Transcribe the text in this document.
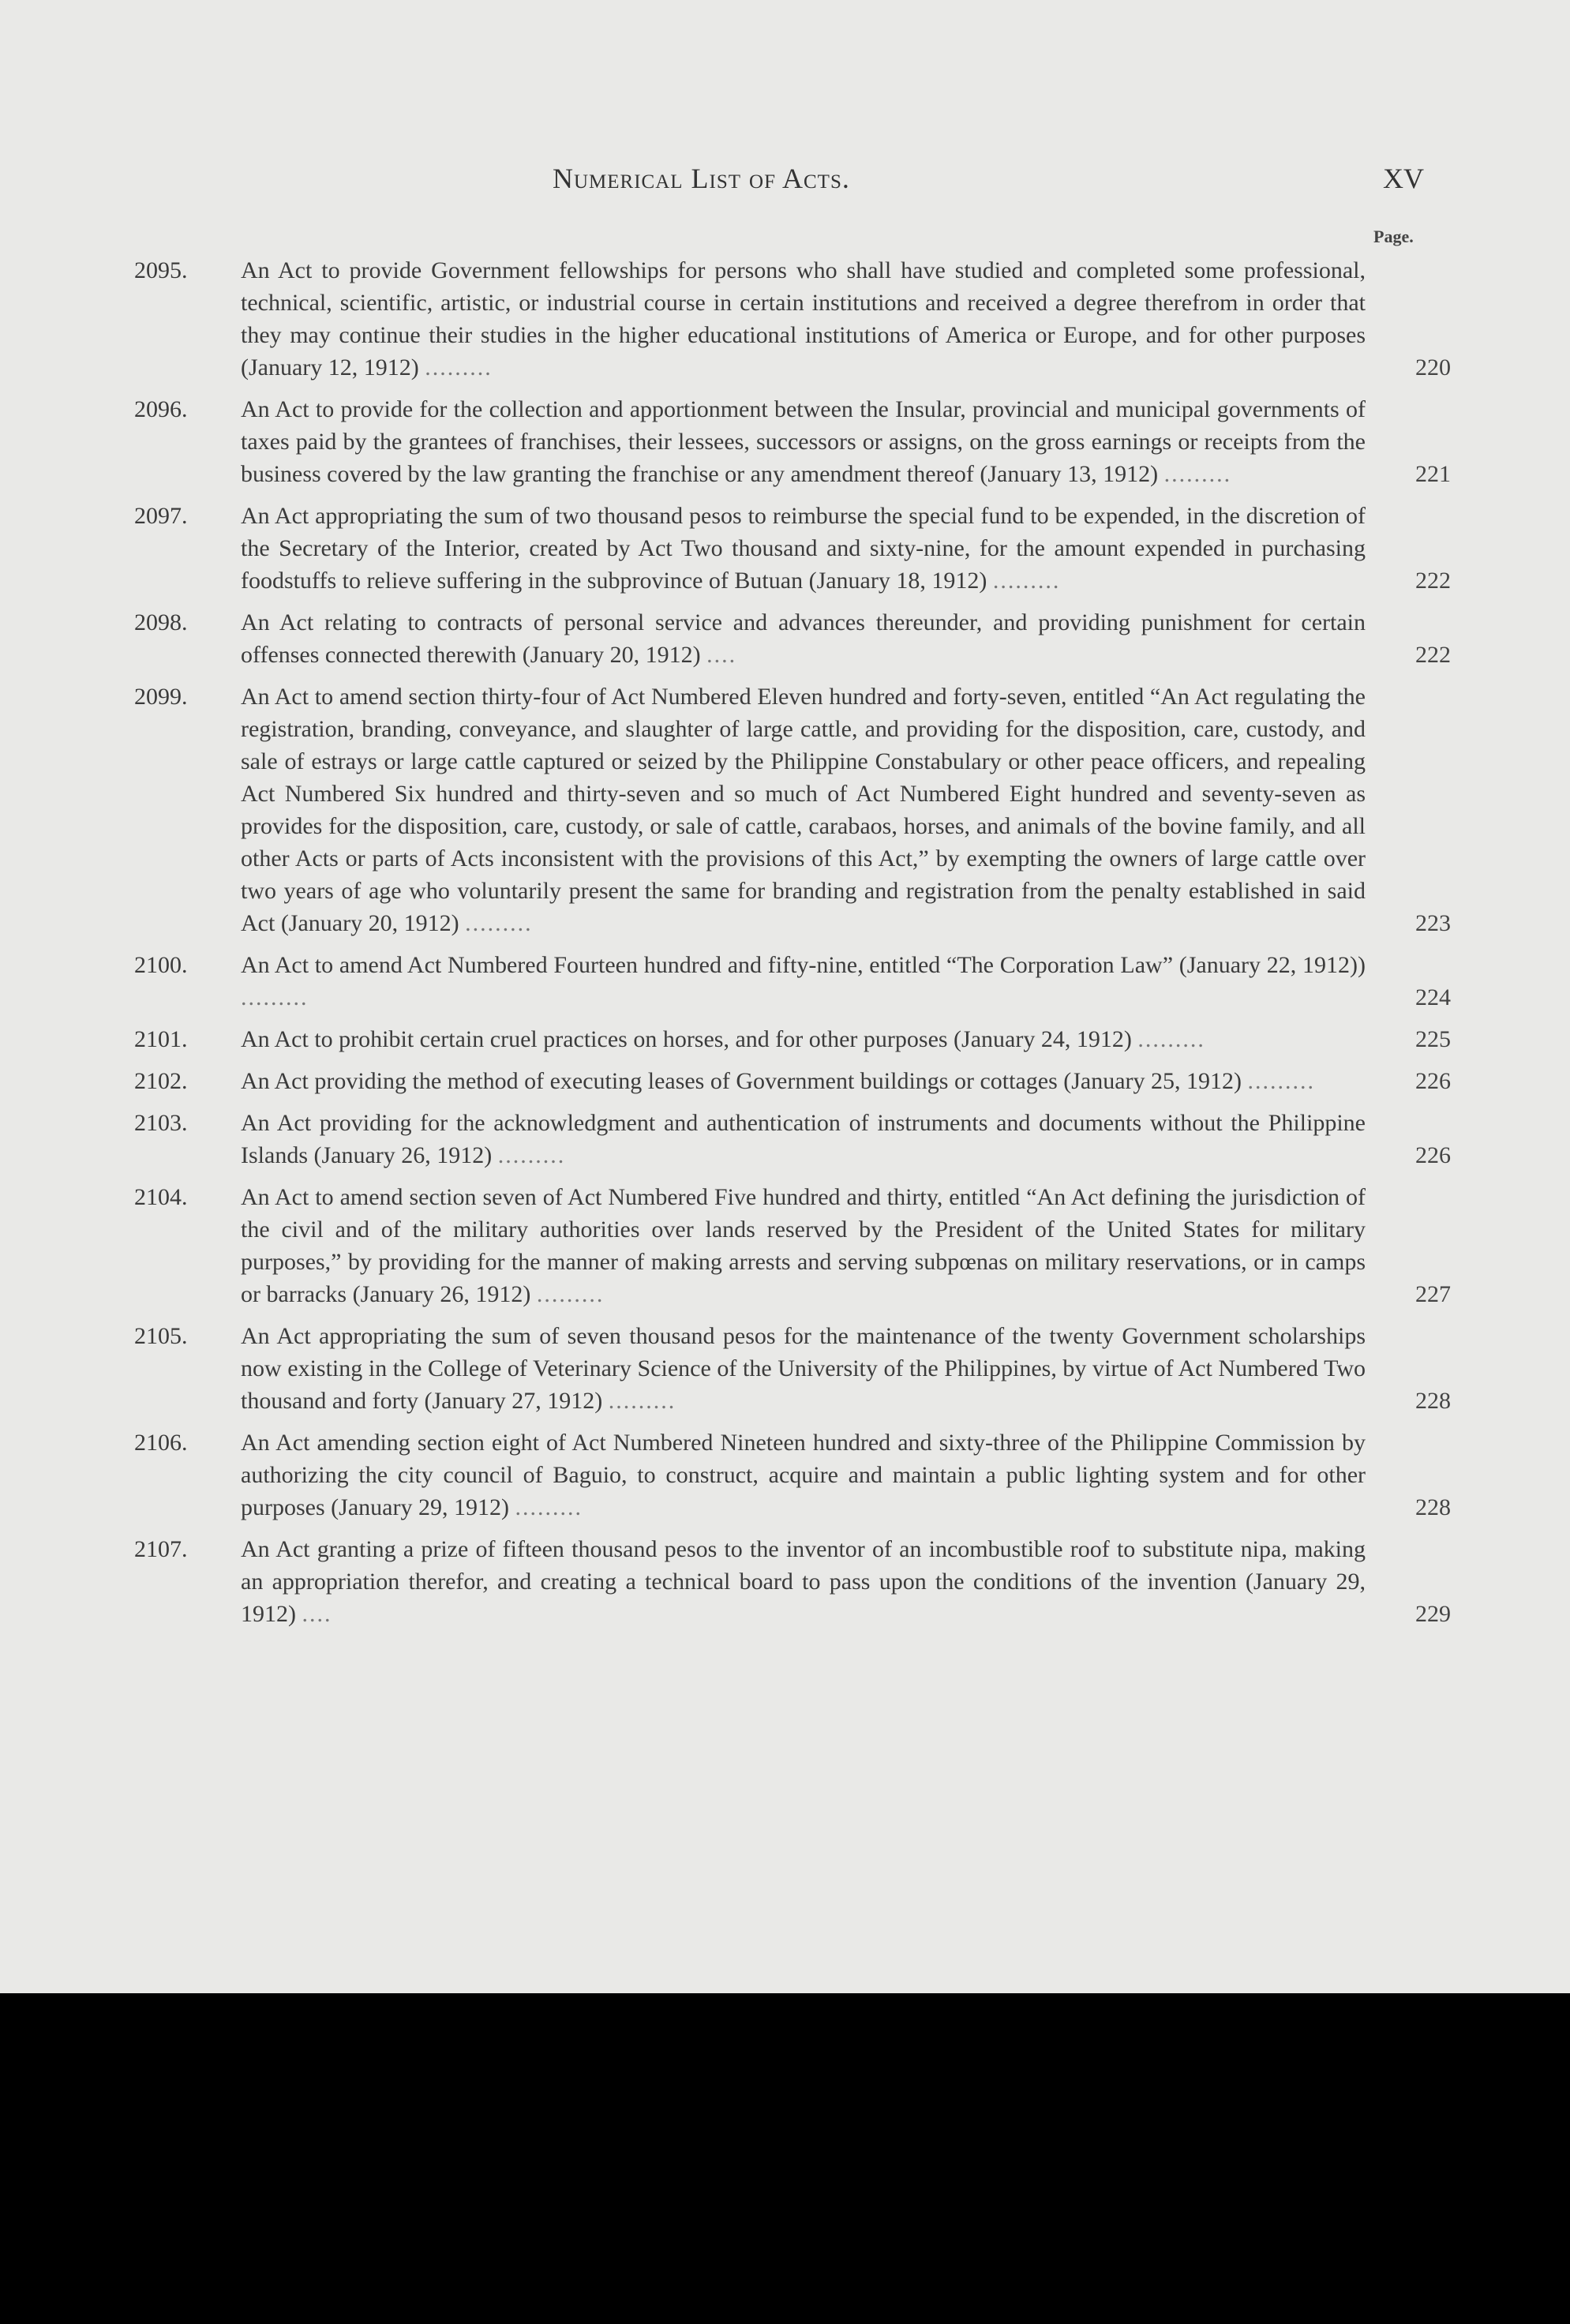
Numerical List of Acts.	XV
Page.
2095.	An Act to provide Government fellowships for persons who shall have studied and completed some professional, technical, scientific, artistic, or industrial course in certain institutions and received a degree therefrom in order that they may continue their studies in the higher educational institutions of America or Europe, and for other purposes (January 12, 1912) .........	220
2096.	An Act to provide for the collection and apportionment between the Insular, provincial and municipal governments of taxes paid by the grantees of franchises, their lessees, successors or assigns, on the gross earnings or receipts from the business covered by the law granting the franchise or any amendment thereof (January 13, 1912) .........	221
2097.	An Act appropriating the sum of two thousand pesos to reimburse the special fund to be expended, in the discretion of the Secretary of the Interior, created by Act Two thousand and sixty-nine, for the amount expended in purchasing foodstuffs to relieve suffering in the subprovince of Butuan (January 18, 1912) .........	222
2098.	An Act relating to contracts of personal service and advances thereunder, and providing punishment for certain offenses connected therewith (January 20, 1912) ....	222
2099.	An Act to amend section thirty-four of Act Numbered Eleven hundred and forty-seven, entitled “An Act regulating the registration, branding, conveyance, and slaughter of large cattle, and providing for the disposition, care, custody, and sale of estrays or large cattle captured or seized by the Philippine Constabulary or other peace officers, and repealing Act Numbered Six hundred and thirty-seven and so much of Act Numbered Eight hundred and seventy-seven as provides for the disposition, care, custody, or sale of cattle, carabaos, horses, and animals of the bovine family, and all other Acts or parts of Acts inconsistent with the provisions of this Act,” by exempting the owners of large cattle over two years of age who voluntarily present the same for branding and registration from the penalty established in said Act (January 20, 1912) .........	223
2100.	An Act to amend Act Numbered Fourteen hundred and fifty-nine, entitled “The Corporation Law” (January 22, 1912)) .........	224
2101.	An Act to prohibit certain cruel practices on horses, and for other purposes (January 24, 1912) .........	225
2102.	An Act providing the method of executing leases of Government buildings or cottages (January 25, 1912) .........	226
2103.	An Act providing for the acknowledgment and authentication of instruments and documents without the Philippine Islands (January 26, 1912) .........	226
2104.	An Act to amend section seven of Act Numbered Five hundred and thirty, entitled “An Act defining the jurisdiction of the civil and of the military authorities over lands reserved by the President of the United States for military purposes,” by providing for the manner of making arrests and serving subpœnas on military reservations, or in camps or barracks (January 26, 1912) .........	227
2105.	An Act appropriating the sum of seven thousand pesos for the maintenance of the twenty Government scholarships now existing in the College of Veterinary Science of the University of the Philippines, by virtue of Act Numbered Two thousand and forty (January 27, 1912) .........	228
2106.	An Act amending section eight of Act Numbered Nineteen hundred and sixty-three of the Philippine Commission by authorizing the city council of Baguio, to construct, acquire and maintain a public lighting system and for other purposes (January 29, 1912) .........	228
2107.	An Act granting a prize of fifteen thousand pesos to the inventor of an incombustible roof to substitute nipa, making an appropriation therefor, and creating a technical board to pass upon the conditions of the invention (January 29, 1912) ....	229
